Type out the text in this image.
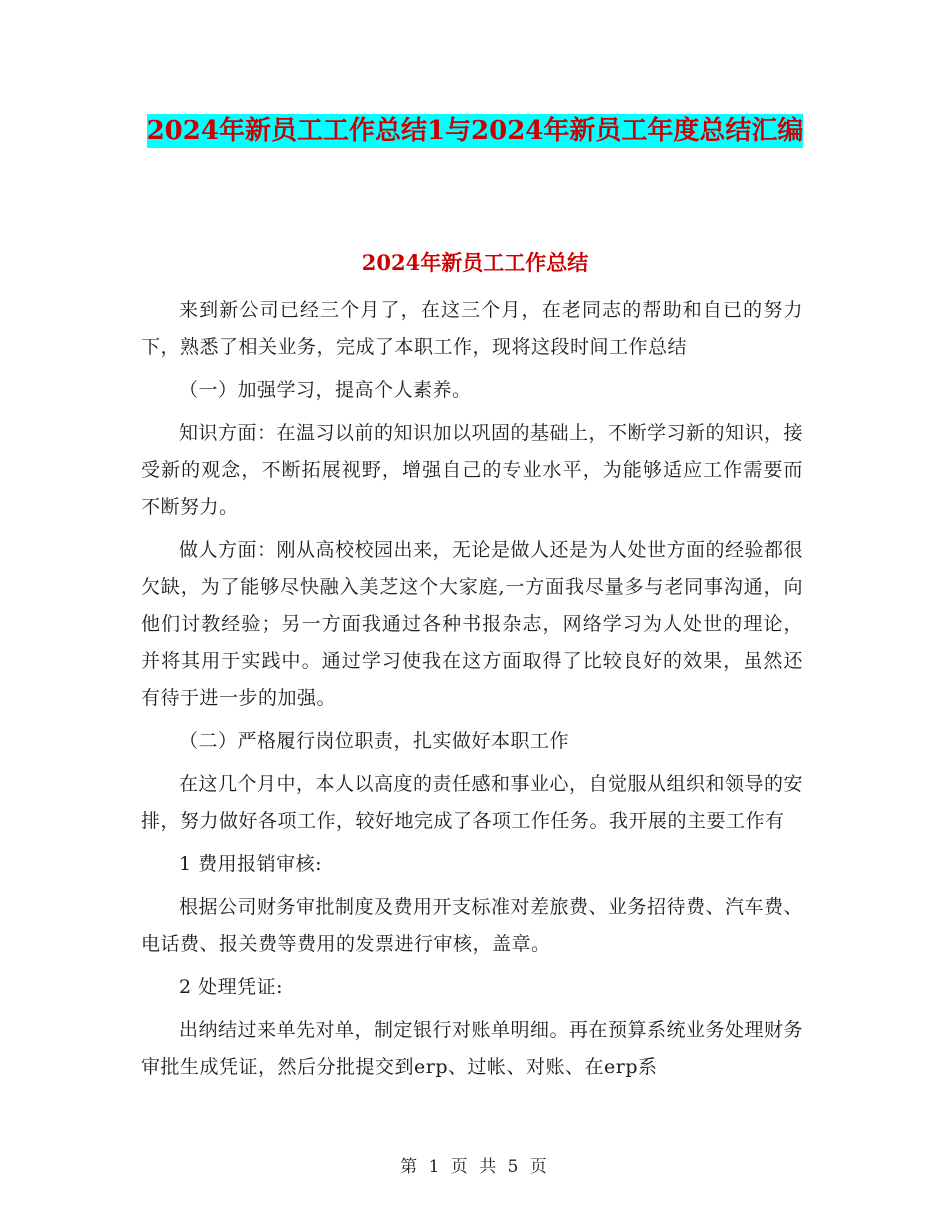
2024年新员工工作总结1与2024年新员工年度总结汇编
2024年新员工工作总结

来到新公司已经三个月了，在这三个月，在老同志的帮助和自已的努力下，熟悉了相关业务，完成了本职工作，现将这段时间工作总结

（一）加强学习，提高个人素养。

知识方面：在温习以前的知识加以巩固的基础上，不断学习新的知识，接受新的观念，不断拓展视野，增强自己的专业水平，为能够适应工作需要而不断努力。

做人方面：刚从高校校园出来，无论是做人还是为人处世方面的经验都很欠缺，为了能够尽快融入美芝这个大家庭,一方面我尽量多与老同事沟通，向他们讨教经验；另一方面我通过各种书报杂志，网络学习为人处世的理论，并将其用于实践中。通过学习使我在这方面取得了比较良好的效果，虽然还有待于进一步的加强。

（二）严格履行岗位职责，扎实做好本职工作

在这几个月中，本人以高度的责任感和事业心，自觉服从组织和领导的安排，努力做好各项工作，较好地完成了各项工作任务。我开展的主要工作有

1 费用报销审核:

根据公司财务审批制度及费用开支标准对差旅费、业务招待费、汽车费、电话费、报关费等费用的发票进行审核，盖章。

2 处理凭证:

出纳结过来单先对单，制定银行对账单明细。再在预算系统业务处理财务审批生成凭证，然后分批提交到erp、过帐、对账、在erp系

第 1 页 共 5 页
